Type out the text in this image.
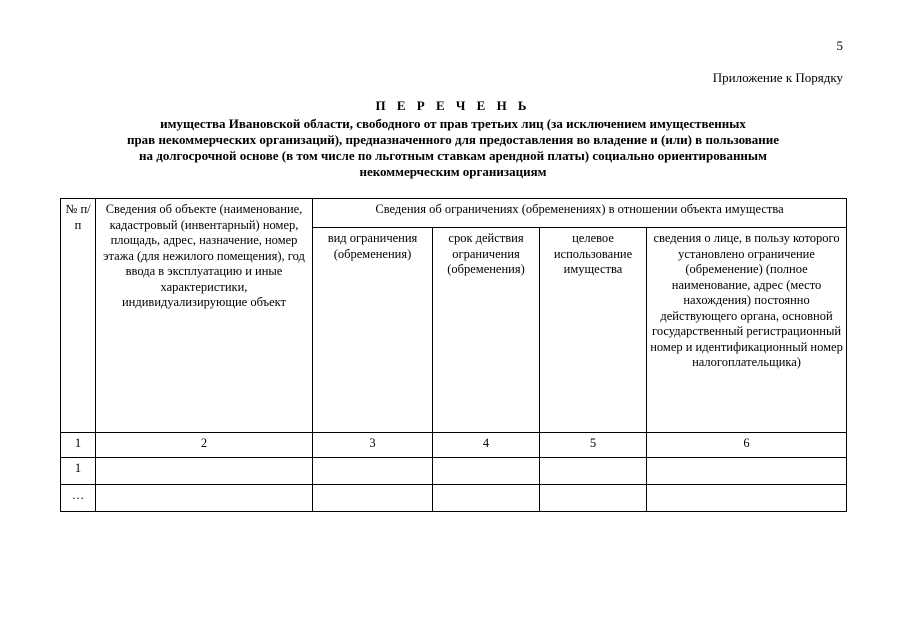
5
Приложение к Порядку
П Е Р Е Ч Е Н Ь
имущества Ивановской области, свободного от прав третьих лиц (за исключением имущественных
прав некоммерческих организаций), предназначенного для предоставления во владение и (или) в пользование
на долгосрочной основе (в том числе по льготным ставкам арендной платы) социально ориентированным
некоммерческим организациям
№ п/п	Сведения об объекте (наименование, кадастровый (инвентарный) номер, площадь, адрес, назначение, номер этажа (для нежилого помещения), год ввода в эксплуатацию и иные характеристики, индивидуализирующие объект	Сведения об ограничениях (обременениях) в отношении объекта имущества			
		вид ограничения (обременения)	срок действия ограничения (обременения)	целевое использование имущества	сведения о лице, в пользу которого установлено ограничение (обременение) (полное наименование, адрес (место нахождения) постоянно действующего органа, основной государственный регистрационный номер и идентификационный номер налогоплательщика)
1	2	3	4	5	6
1					
…					
